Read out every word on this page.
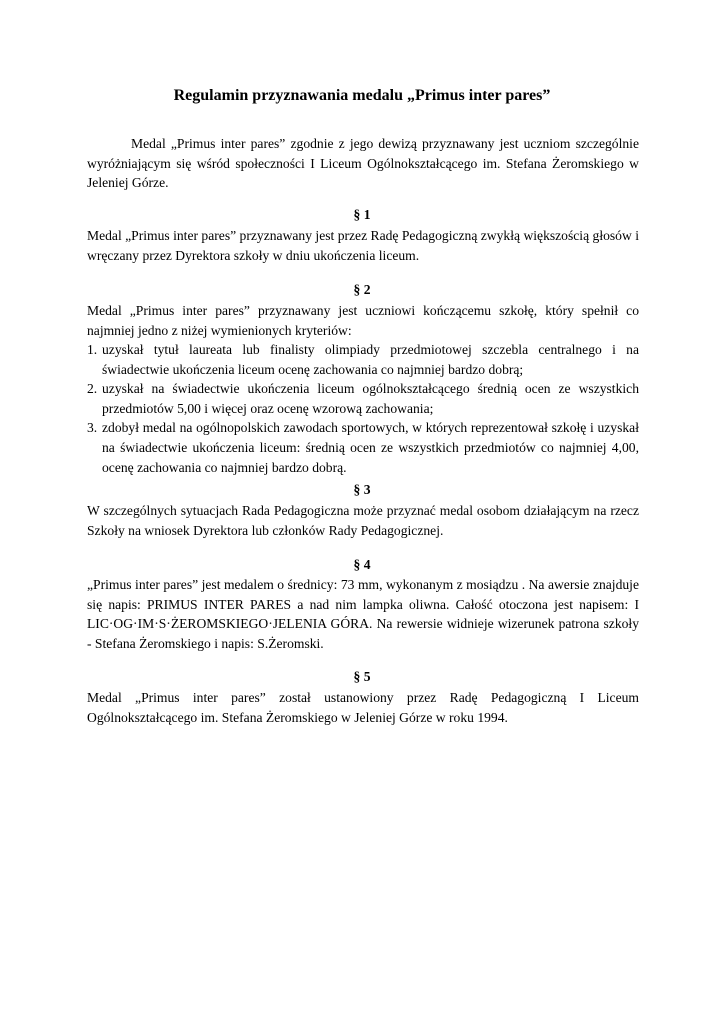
Regulamin przyznawania medalu „Primus inter pares”

Medal „Primus inter pares” zgodnie z jego dewizą przyznawany jest uczniom szczególnie wyróżniającym się wśród społeczności I Liceum Ogólnokształcącego im. Stefana Żeromskiego w Jeleniej Górze.

§ 1

Medal „Primus inter pares” przyznawany jest przez Radę Pedagogiczną zwykłą większością głosów i wręczany przez Dyrektora szkoły w dniu ukończenia liceum.

§ 2

Medal „Primus inter pares” przyznawany jest uczniowi kończącemu szkołę, który spełnił co najmniej jedno z niżej wymienionych kryteriów:

1. uzyskał tytuł laureata lub finalisty olimpiady przedmiotowej szczebla centralnego i na świadectwie ukończenia liceum ocenę zachowania co najmniej bardzo dobrą;
2. uzyskał na świadectwie ukończenia liceum ogólnokształcącego średnią ocen ze wszystkich przedmiotów 5,00 i więcej oraz ocenę wzorową zachowania;
3. zdobył medal na ogólnopolskich zawodach sportowych, w których reprezentował szkołę i uzyskał na świadectwie ukończenia liceum: średnią ocen ze wszystkich przedmiotów co najmniej 4,00, ocenę zachowania co najmniej bardzo dobrą.
§ 3

W szczególnych sytuacjach Rada Pedagogiczna może przyznać medal osobom działającym na rzecz Szkoły na wniosek Dyrektora lub członków Rady Pedagogicznej.

§ 4

„Primus inter pares” jest medalem o średnicy: 73 mm, wykonanym z mosiądzu . Na awersie znajduje się napis: PRIMUS INTER PARES a nad nim lampka oliwna. Całość otoczona jest napisem: I LIC·OG·IM·S·ŻEROMSKIEGO·JELENIA GÓRA. Na rewersie widnieje wizerunek patrona szkoły - Stefana Żeromskiego i napis: S.Żeromski.

§ 5

Medal „Primus inter pares” został ustanowiony przez Radę Pedagogiczną I Liceum Ogólnokształcącego im. Stefana Żeromskiego w Jeleniej Górze w roku 1994.
